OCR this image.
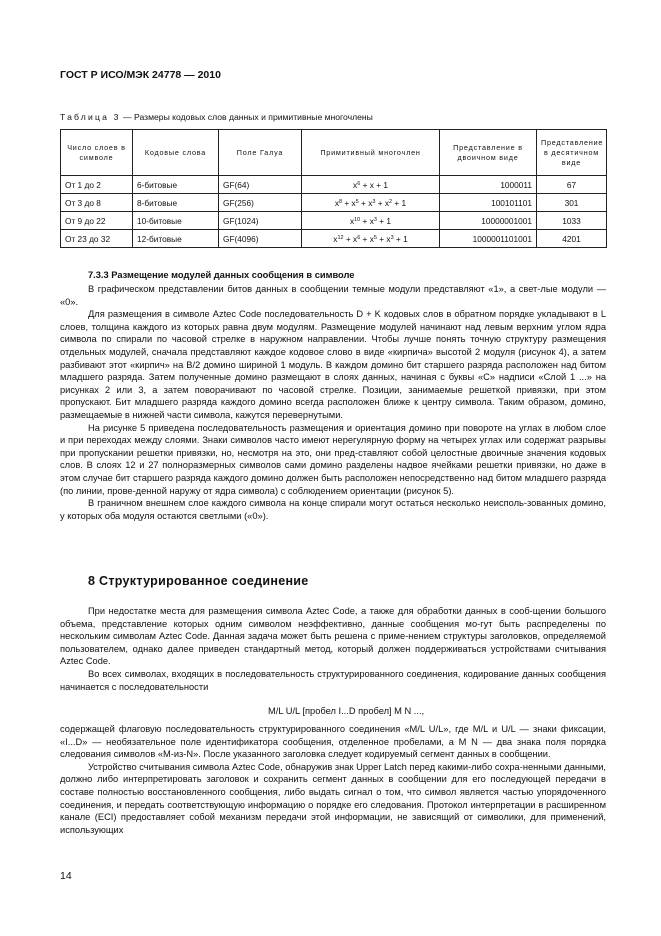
ГОСТ Р ИСО/МЭК 24778 — 2010
Таблица 3 — Размеры кодовых слов данных и примитивные многочлены
Число слоев в символе	Кодовые слова	Поле Галуа	Примитивный многочлен	Представление в двоичном виде	Представление в десятичном виде
От 1 до 2	6-битовые	GF(64)	$x^6 + x + 1$	1000011	67
От 3 до 8	8-битовые	GF(256)	$x^8 + x^5 + x^3 + x^2 + 1$	100101101	301
От 9 до 22	10-битовые	GF(1024)	$x^{10} + x^3 + 1$	10000001001	1033
От 23 до 32	12-битовые	GF(4096)	$x^{12} + x^6 + x^5 + x^3 + 1$	1000001101001	4201
7.3.3 Размещение модулей данных сообщения в символе

В графическом представлении битов данных в сообщении темные модули представляют «1», а свет-лые модули — «0».

Для размещения в символе Aztec Code последовательность D + K кодовых слов в обратном порядке укладывают в L слоев, толщина каждого из которых равна двум модулям. Размещение модулей начинают над левым верхним углом ядра символа по спирали по часовой стрелке в наружном направлении. Чтобы лучше понять точную структуру размещения отдельных модулей, сначала представляют каждое кодовое слово в виде «кирпича» высотой 2 модуля (рисунок 4), а затем разбивают этот «кирпич» на B/2 домино шириной 1 модуль. В каждом домино бит старшего разряда расположен над битом младшего разряда. Затем полученные домино размещают в слоях данных, начиная с буквы «С» надписи «Слой 1 ...» на рисунках 2 или 3, а затем поворачивают по часовой стрелке. Позиции, занимаемые решеткой привязки, при этом пропускают. Бит младшего разряда каждого домино всегда расположен ближе к центру символа. Таким образом, домино, размещаемые в нижней части символа, кажутся перевернутыми.

На рисунке 5 приведена последовательность размещения и ориентация домино при повороте на углах в любом слое и при переходах между слоями. Знаки символов часто имеют нерегулярную форму на четырех углах или содержат разрывы при пропускании решетки привязки, но, несмотря на это, они пред-ставляют собой целостные двоичные значения кодовых слов. В слоях 12 и 27 полноразмерных символов сами домино разделены надвое ячейками решетки привязки, но даже в этом случае бит старшего разряда каждого домино должен быть расположен непосредственно над битом младшего разряда (по линии, прове-денной наружу от ядра символа) с соблюдением ориентации (рисунок 5).

В граничном внешнем слое каждого символа на конце спирали могут остаться несколько неисполь-зованных домино, у которых оба модуля остаются светлыми («0»).

8 Структурированное соединение

При недостатке места для размещения символа Aztec Code, а также для обработки данных в сооб-щении большого объема, представление которых одним символом неэффективно, данные сообщения мо-гут быть распределены по нескольким символам Aztec Code. Данная задача может быть решена с приме-нением структуры заголовков, определяемой пользователем, однако далее приведен стандартный метод, который должен поддерживаться устройствами считывания Aztec Code.

Во всех символах, входящих в последовательность структурированного соединения, кодирование данных сообщения начинается с последовательности

M/L U/L [пробел I...D пробел] M N ...,

содержащей флаговую последовательность структурированного соединения «M/L U/L», где M/L и U/L — знаки фиксации, «I...D» — необязательное поле идентификатора сообщения, отделенное пробелами, а M N — два знака поля порядка следования символов «M-из-N». После указанного заголовка следует кодируемый сегмент данных в сообщении.

Устройство считывания символа Aztec Code, обнаружив знак Upper Latch перед какими-либо сохра-ненными данными, должно либо интерпретировать заголовок и сохранить сегмент данных в сообщении для его последующей передачи в составе полностью восстановленного сообщения, либо выдать сигнал о том, что символ является частью упорядоченного соединения, и передать соответствующую информацию о порядке его следования. Протокол интерпретации в расширенном канале (ECI) предоставляет собой механизм передачи этой информации, не зависящий от символики, для применений, использующих

14
